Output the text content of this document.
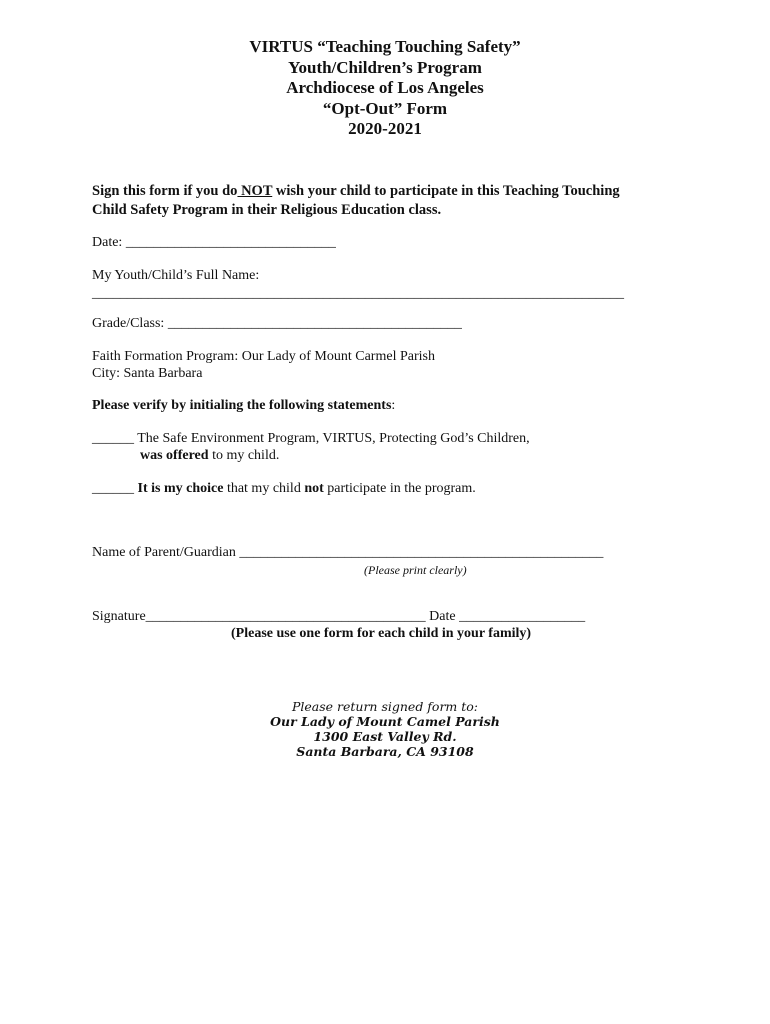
VIRTUS “Teaching Touching Safety”
Youth/Children’s Program
Archdiocese of Los Angeles
“Opt-Out” Form
2020-2021
Sign this form if you do NOT wish your child to participate in this Teaching Touching
Child Safety Program in their Religious Education class.
Date: ______________________________
My Youth/Child’s Full Name:
____________________________________________________________________________
Grade/Class: __________________________________________
Faith Formation Program: Our Lady of Mount Carmel Parish
City: Santa Barbara
Please verify by initialing the following statements:
______ The Safe Environment Program, VIRTUS, Protecting God’s Children,
was offered to my child.
______ It is my choice that my child not participate in the program.
Name of Parent/Guardian ____________________________________________________
(Please print clearly)
Signature________________________________________ Date __________________
(Please use one form for each child in your family)
Please return signed form to:
Our Lady of Mount Camel Parish
1300 East Valley Rd.
Santa Barbara, CA 93108
